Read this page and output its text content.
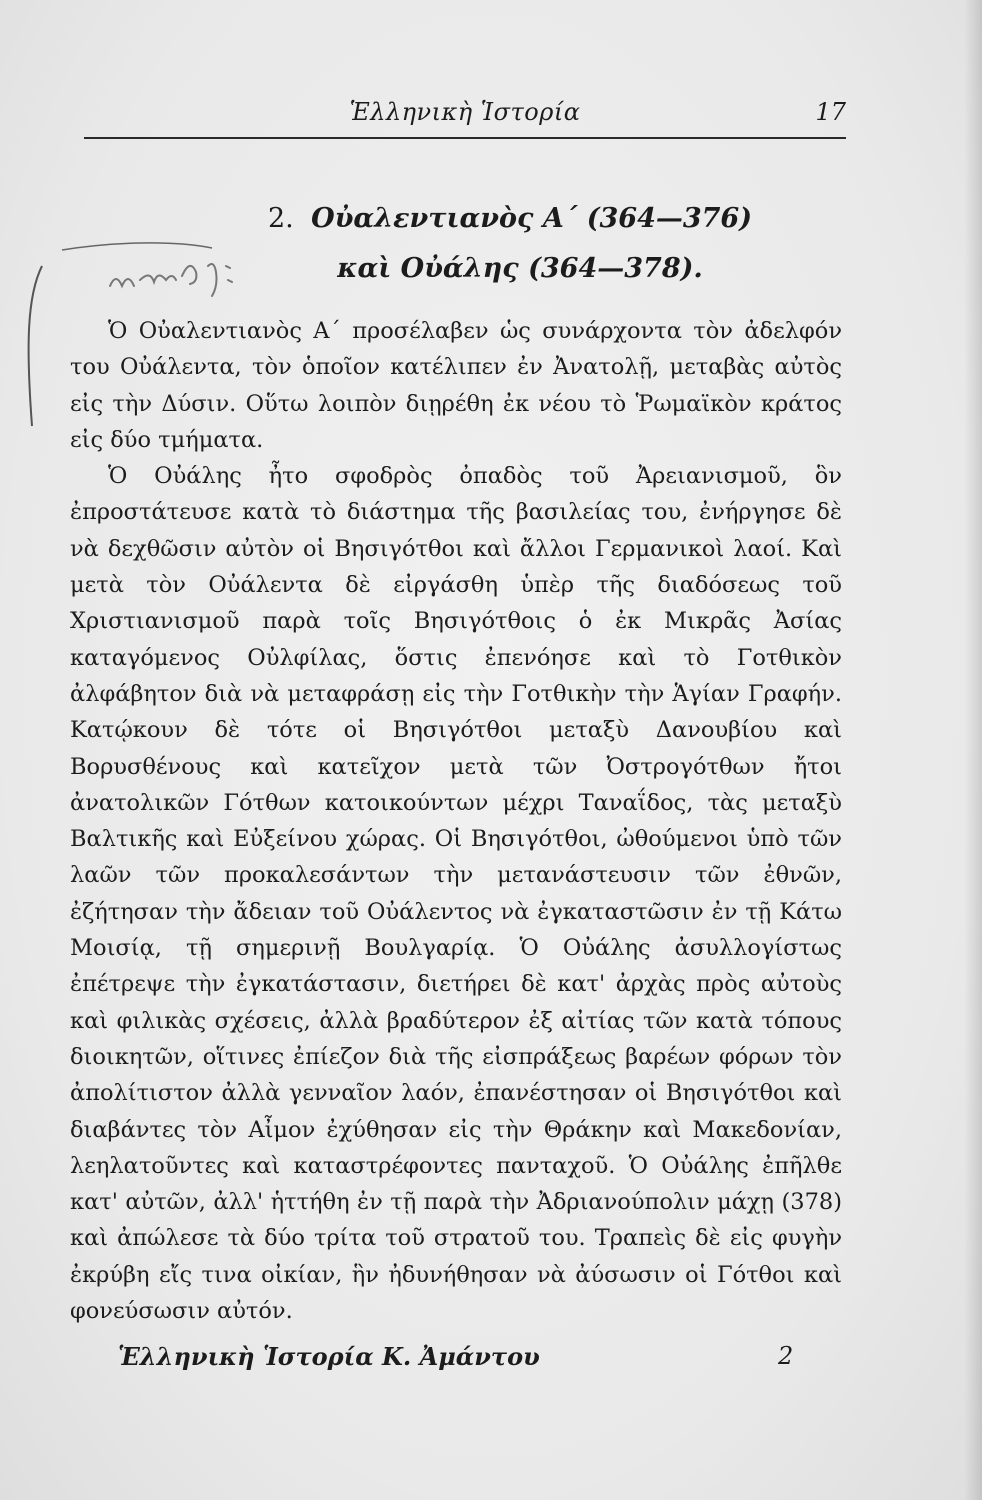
Ἑλληνικὴ Ἱστορία	17
2. Οὐαλεντιανὸς Α΄ (364—376)
καὶ Οὐάλης (364—378).

Ὁ Οὐαλεντιανὸς Α΄ προσέλαβεν ὡς συνάρχοντα τὸν ἀδελφόν του Οὐάλεντα, τὸν ὁποῖον κατέλιπεν ἐν Ἀνατολῇ, μεταβὰς αὐτὸς εἰς τὴν Δύσιν. Οὕτω λοιπὸν διῃρέθη ἐκ νέου τὸ Ῥωμαϊκὸν κράτος εἰς δύο τμήματα.

Ὁ Οὐάλης ἦτο σφοδρὸς ὀπαδὸς τοῦ Ἀρειανισμοῦ, ὃν ἐπροστάτευσε κατὰ τὸ διάστημα τῆς βασιλείας του, ἐνήργησε δὲ νὰ δεχθῶσιν αὐτὸν οἱ Βησιγότθοι καὶ ἄλλοι Γερμανικοὶ λαοί. Καὶ μετὰ τὸν Οὐάλεντα δὲ εἰργάσθη ὑπὲρ τῆς διαδόσεως τοῦ Χριστιανισμοῦ παρὰ τοῖς Βησιγότθοις ὁ ἐκ Μικρᾶς Ἀσίας καταγόμενος Οὐλφίλας, ὅστις ἐπενόησε καὶ τὸ Γοτθικὸν ἀλφάβητον διὰ νὰ μεταφράσῃ εἰς τὴν Γοτθικὴν τὴν Ἁγίαν Γραφήν. Κατῴκουν δὲ τότε οἱ Βησιγότθοι μεταξὺ Δανουβίου καὶ Βορυσθένους καὶ κατεῖχον μετὰ τῶν Ὀστρογότθων ἤτοι ἀνατολικῶν Γότθων κατοικούντων μέχρι Ταναΐδος, τὰς μεταξὺ Βαλτικῆς καὶ Εὐξείνου χώρας. Οἱ Βησιγότθοι, ὠθούμενοι ὑπὸ τῶν λαῶν τῶν προκαλεσάντων τὴν μετανάστευσιν τῶν ἐθνῶν, ἐζήτησαν τὴν ἄδειαν τοῦ Οὐάλεντος νὰ ἐγκαταστῶσιν ἐν τῇ Κάτω Μοισίᾳ, τῇ σημερινῇ Βουλγαρίᾳ. Ὁ Οὐάλης ἀσυλλογίστως ἐπέτρεψε τὴν ἐγκατάστασιν, διετήρει δὲ κατ' ἀρχὰς πρὸς αὐτοὺς καὶ φιλικὰς σχέσεις, ἀλλὰ βραδύτερον ἐξ αἰτίας τῶν κατὰ τόπους διοικητῶν, οἵτινες ἐπίεζον διὰ τῆς εἰσπράξεως βαρέων φόρων τὸν ἀπολίτιστον ἀλλὰ γενναῖον λαόν, ἐπανέστησαν οἱ Βησιγότθοι καὶ διαβάντες τὸν Αἶμον ἐχύθησαν εἰς τὴν Θράκην καὶ Μακεδονίαν, λεηλατοῦντες καὶ καταστρέφοντες πανταχοῦ. Ὁ Οὐάλης ἐπῆλθε κατ' αὐτῶν, ἀλλ' ἡττήθη ἐν τῇ παρὰ τὴν Ἀδριανούπολιν μάχῃ (378) καὶ ἀπώλεσε τὰ δύο τρίτα τοῦ στρατοῦ του. Τραπεὶς δὲ εἰς φυγὴν ἐκρύβη εἴς τινα οἰκίαν, ἣν ἠδυνήθησαν νὰ ἀύσωσιν οἱ Γότθοι καὶ φονεύσωσιν αὐτόν.

Ἑλληνικὴ Ἱστορία Κ. Ἀμάντου	2
